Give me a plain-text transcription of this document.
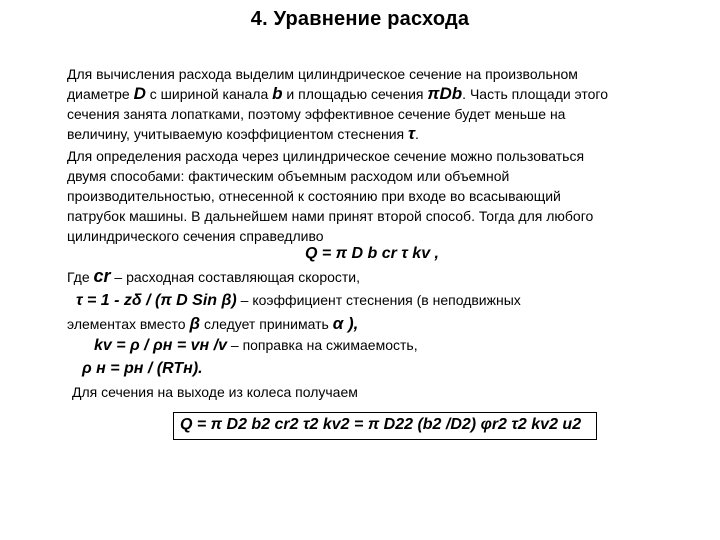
4. Уравнение расхода
Для вычисления расхода выделим цилиндрическое сечение на произвольном
диаметре D с шириной канала b и площадью сечения πDb. Часть площади этого
сечения занята лопатками, поэтому эффективное сечение будет меньше на
величину, учитываемую коэффициентом стеснения τ.
Для определения расхода через цилиндрическое сечение можно пользоваться
двумя способами: фактическим объемным расходом или объемной
производительностью, отнесенной к состоянию при входе во всасывающий
патрубок машины. В дальнейшем нами принят второй способ. Тогда для любого
цилиндрического сечения справедливо
Q = π D b cr τ kv ,
Где cr – расходная составляющая скорости,
τ = 1 - zδ / (π D Sin β) – коэффициент стеснения (в неподвижных
элементах вместо β следует принимать α ),
kv = ρ / ρн = vн /v – поправка на сжимаемость,
ρ н = pн / (RTн).
Для сечения на выходе из колеса получаем
Q = π D2 b2 cr2 τ2 kv2 = π D22 (b2 /D2) φr2 τ2 kv2 u2
